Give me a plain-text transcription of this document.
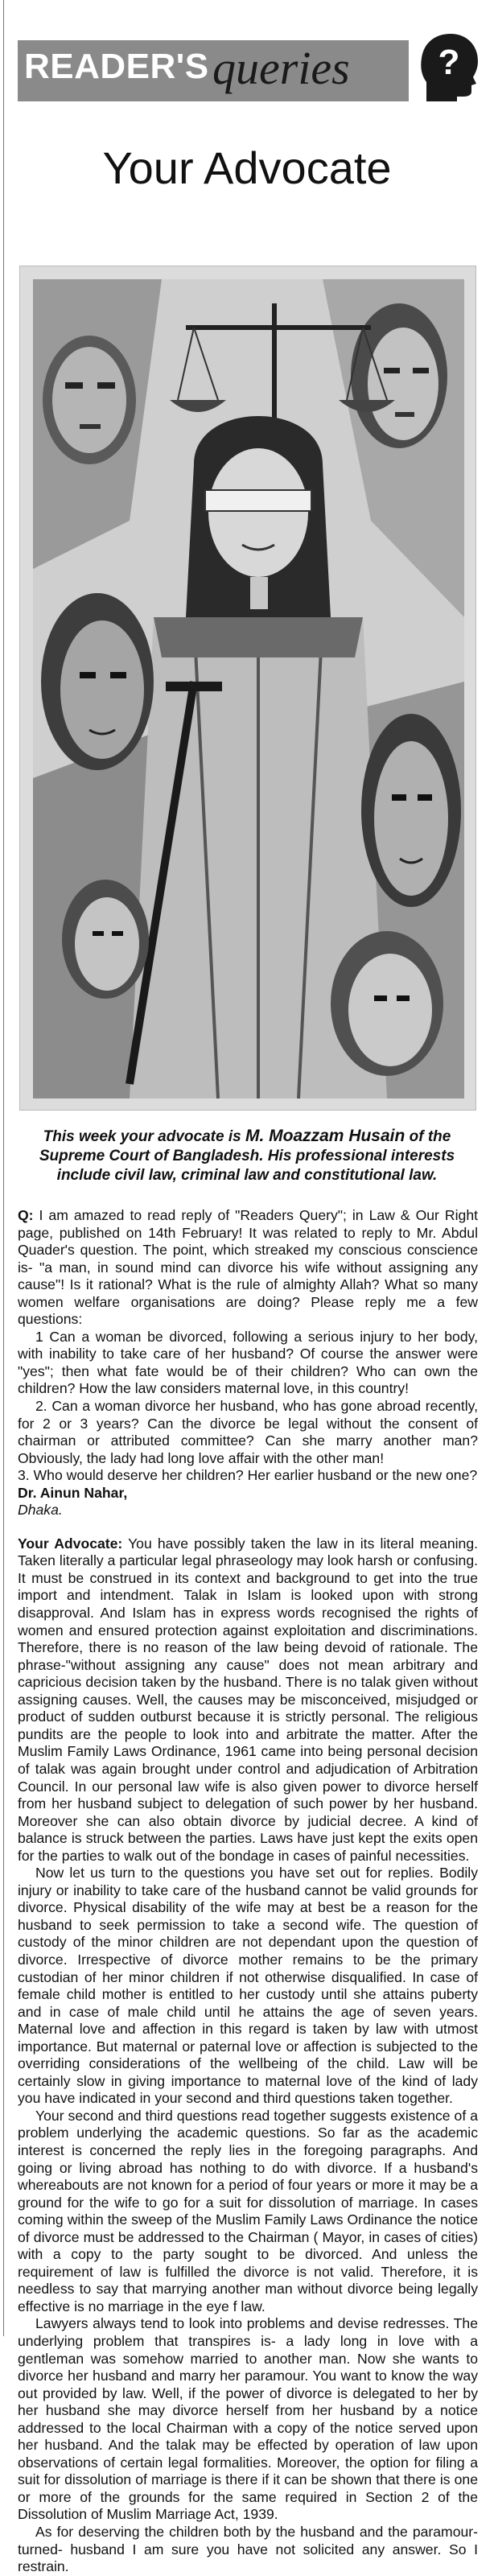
READER'S queries ?
Your Advocate
This week your advocate is M. Moazzam Husain of the Supreme Court of Bangladesh. His professional interests include civil law, criminal law and constitutional law.

Q: I am amazed to read reply of "Readers Query"; in Law & Our Right page, published on 14th February! It was related to reply to Mr. Abdul Quader's question. The point, which streaked my conscious conscience is- "a man, in sound mind can divorce his wife without assigning any cause"! Is it rational? What is the rule of almighty Allah? What so many women welfare organisations are doing? Please reply me a few questions:

1 Can a woman be divorced, following a serious injury to her body, with inability to take care of her husband? Of course the answer were "yes"; then what fate would be of their children? Who can own the children? How the law considers maternal love, in this country!

2. Can a woman divorce her husband, who has gone abroad recently, for 2 or 3 years? Can the divorce be legal without the consent of chairman or attributed committee? Can she marry another man? Obviously, the lady had long love affair with the other man!

3. Who would deserve her children? Her earlier husband or the new one?

Dr. Ainun Nahar,

Dhaka.

Your Advocate: You have possibly taken the law in its literal meaning. Taken literally a particular legal phraseology may look harsh or confusing. It must be construed in its context and background to get into the true import and intendment. Talak in Islam is looked upon with strong disapproval. And Islam has in express words recognised the rights of women and ensured protection against exploitation and discriminations. Therefore, there is no reason of the law being devoid of rationale. The phrase-"without assigning any cause" does not mean arbitrary and capricious decision taken by the husband. There is no talak given without assigning causes. Well, the causes may be misconceived, misjudged or product of sudden outburst because it is strictly personal. The religious pundits are the people to look into and arbitrate the matter. After the Muslim Family Laws Ordinance, 1961 came into being personal decision of talak was again brought under control and adjudication of Arbitration Council. In our personal law wife is also given power to divorce herself from her husband subject to delegation of such power by her husband. Moreover she can also obtain divorce by judicial decree. A kind of balance is struck between the parties. Laws have just kept the exits open for the parties to walk out of the bondage in cases of painful necessities.

Now let us turn to the questions you have set out for replies. Bodily injury or inability to take care of the husband cannot be valid grounds for divorce. Physical disability of the wife may at best be a reason for the husband to seek permission to take a second wife. The question of custody of the minor children are not dependant upon the question of divorce. Irrespective of divorce mother remains to be the primary custodian of her minor children if not otherwise disqualified. In case of female child mother is entitled to her custody until she attains puberty and in case of male child until he attains the age of seven years. Maternal love and affection in this regard is taken by law with utmost importance. But maternal or paternal love or affection is subjected to the overriding considerations of the wellbeing of the child. Law will be certainly slow in giving importance to maternal love of the kind of lady you have indicated in your second and third questions taken together.

Your second and third questions read together suggests existence of a problem underlying the academic questions. So far as the academic interest is concerned the reply lies in the foregoing paragraphs. And going or living abroad has nothing to do with divorce. If a husband's whereabouts are not known for a period of four years or more it may be a ground for the wife to go for a suit for dissolution of marriage. In cases coming within the sweep of the Muslim Family Laws Ordinance the notice of divorce must be addressed to the Chairman ( Mayor, in cases of cities) with a copy to the party sought to be divorced. And unless the requirement of law is fulfilled the divorce is not valid. Therefore, it is needless to say that marrying another man without divorce being legally effective is no marriage in the eye f law.

Lawyers always tend to look into problems and devise redresses. The underlying problem that transpires is- a lady long in love with a gentleman was somehow married to another man. Now she wants to divorce her husband and marry her paramour. You want to know the way out provided by law. Well, if the power of divorce is delegated to her by her husband she may divorce herself from her husband by a notice addressed to the local Chairman with a copy of the notice served upon her husband. And the talak may be effected by operation of law upon observations of certain legal formalities. Moreover, the option for filing a suit for dissolution of marriage is there if it can be shown that there is one or more of the grounds for the same required in Section 2 of the Dissolution of Muslim Marriage Act, 1939.

As for deserving the children both by the husband and the paramour-turned- husband I am sure you have not solicited any answer. So I restrain.
